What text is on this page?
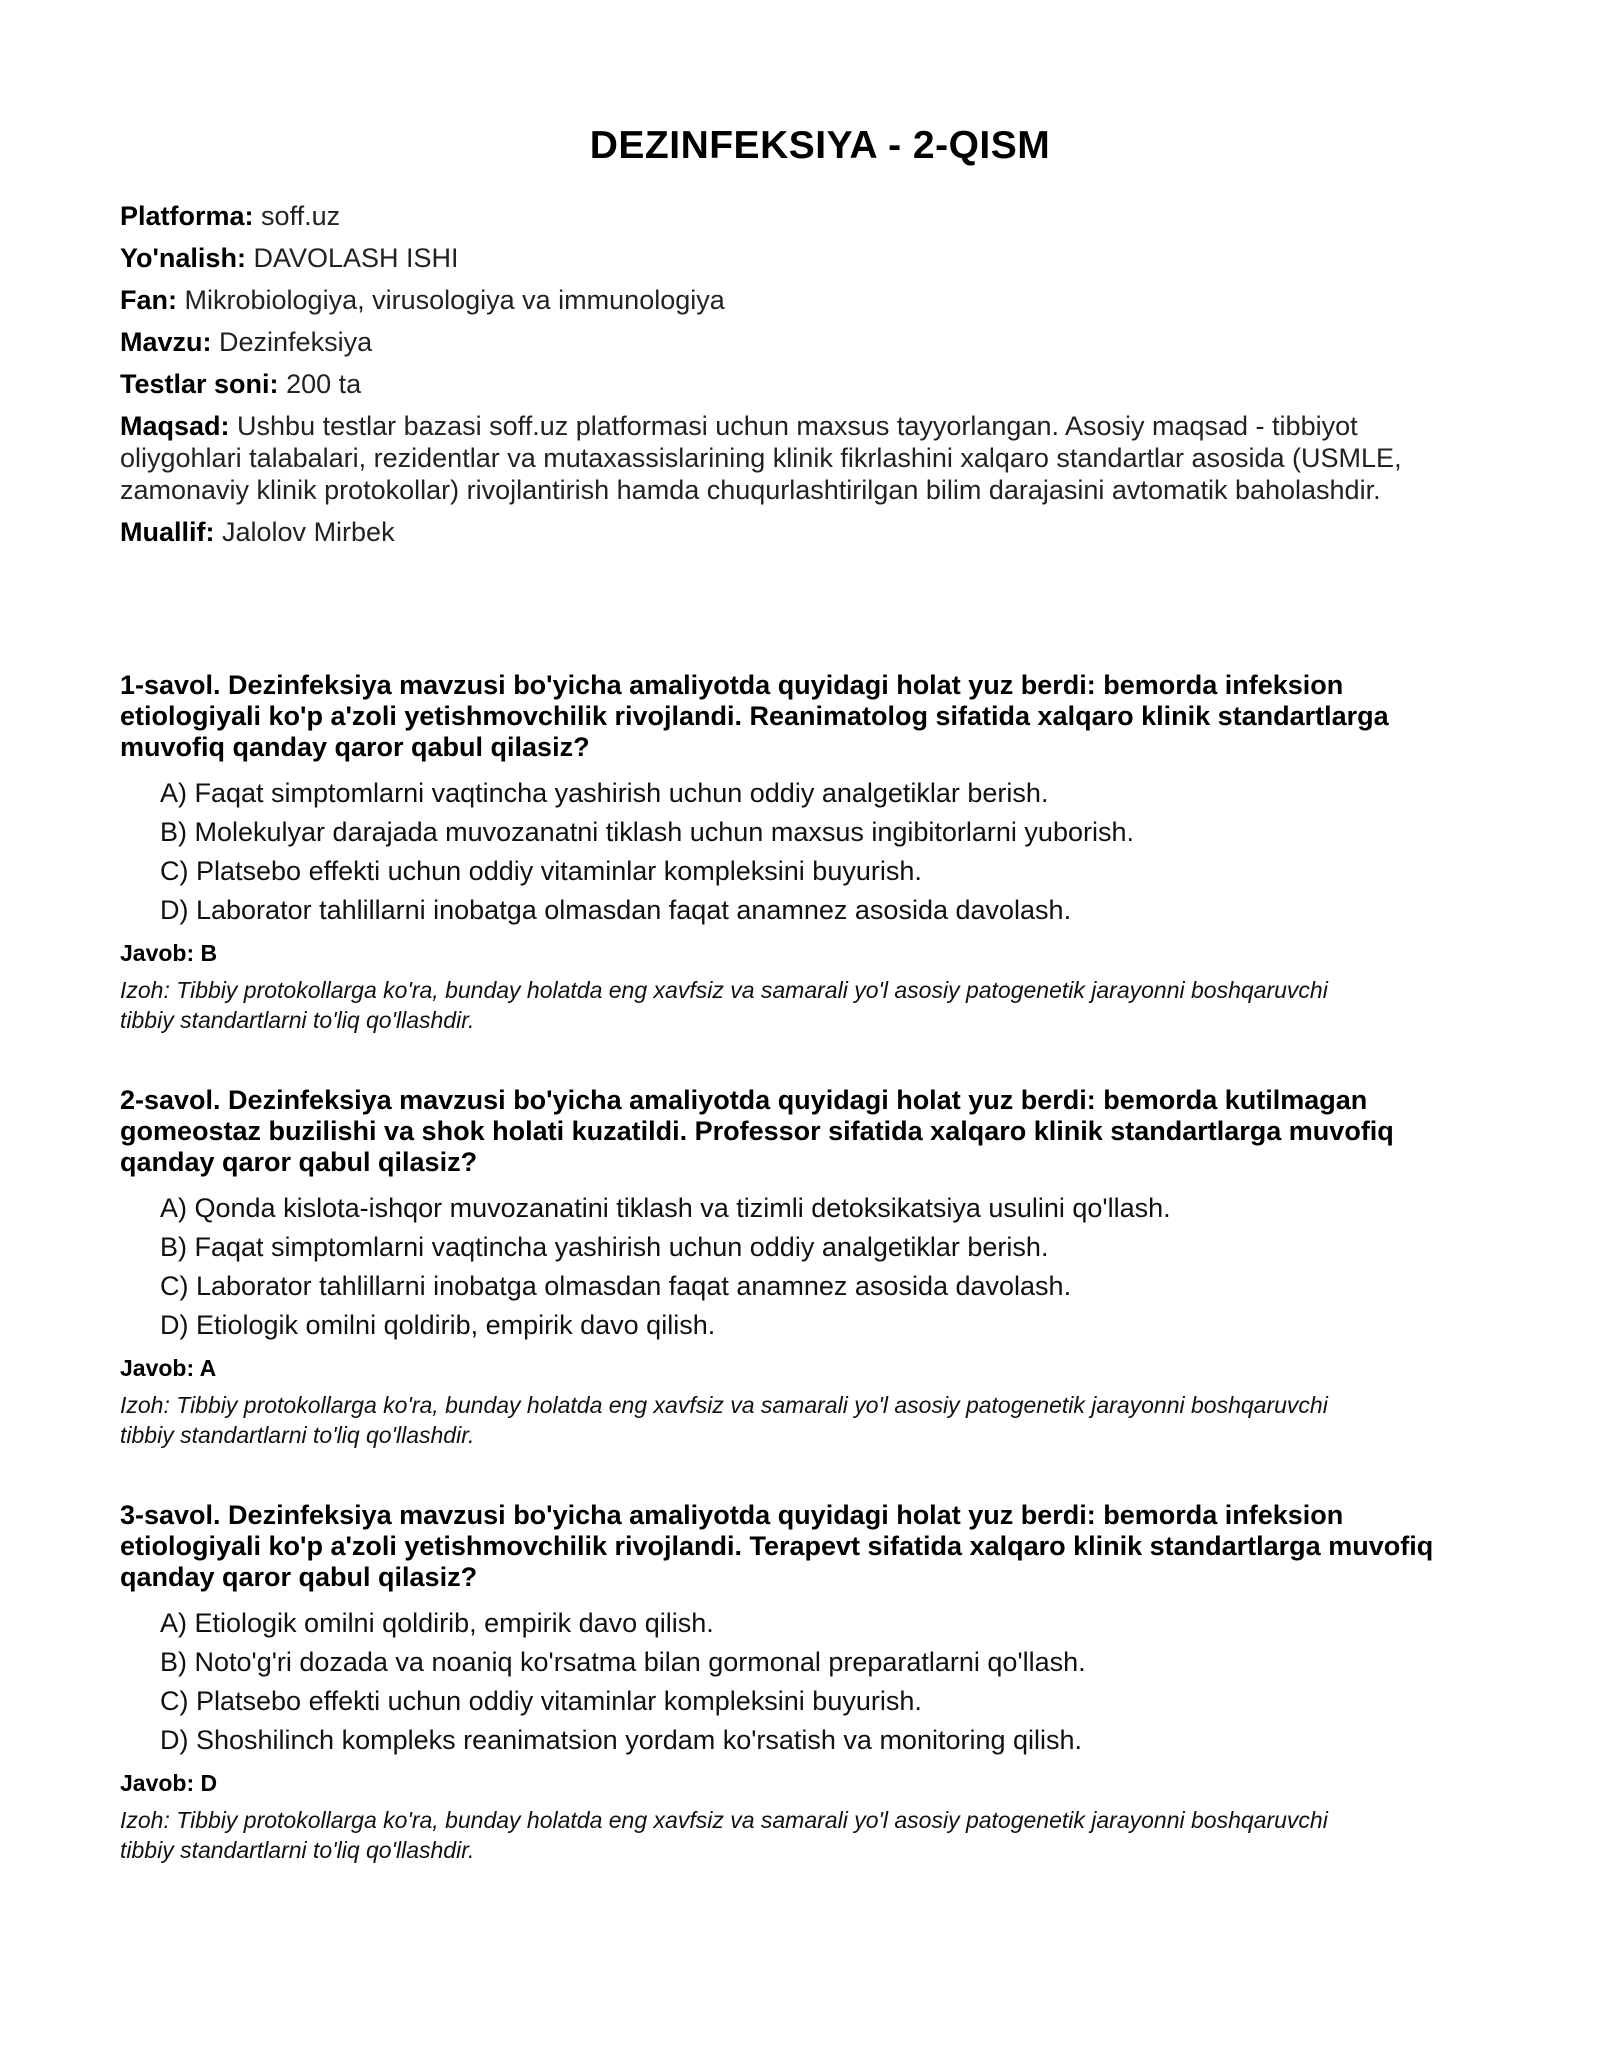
DEZINFEKSIYA - 2-QISM
Platforma: soff.uz
Yo'nalish: DAVOLASH ISHI
Fan: Mikrobiologiya, virusologiya va immunologiya
Mavzu: Dezinfeksiya
Testlar soni: 200 ta
Maqsad: Ushbu testlar bazasi soff.uz platformasi uchun maxsus tayyorlangan. Asosiy maqsad - tibbiyot oliygohlari talabalari, rezidentlar va mutaxassislarining klinik fikrlashini xalqaro standartlar asosida (USMLE, zamonaviy klinik protokollar) rivojlantirish hamda chuqurlashtirilgan bilim darajasini avtomatik baholashdir.
Muallif: Jalolov Mirbek
1-savol. Dezinfeksiya mavzusi bo'yicha amaliyotda quyidagi holat yuz berdi: bemorda infeksion etiologiyali ko'p a'zoli yetishmovchilik rivojlandi. Reanimatolog sifatida xalqaro klinik standartlarga muvofiq qanday qaror qabul qilasiz?
A) Faqat simptomlarni vaqtincha yashirish uchun oddiy analgetiklar berish.
B) Molekulyar darajada muvozanatni tiklash uchun maxsus ingibitorlarni yuborish.
C) Platsebo effekti uchun oddiy vitaminlar kompleksini buyurish.
D) Laborator tahlillarni inobatga olmasdan faqat anamnez asosida davolash.
Javob: B
Izoh: Tibbiy protokollarga ko'ra, bunday holatda eng xavfsiz va samarali yo'l asosiy patogenetik jarayonni boshqaruvchi tibbiy standartlarni to'liq qo'llashdir.
2-savol. Dezinfeksiya mavzusi bo'yicha amaliyotda quyidagi holat yuz berdi: bemorda kutilmagan gomeostaz buzilishi va shok holati kuzatildi. Professor sifatida xalqaro klinik standartlarga muvofiq qanday qaror qabul qilasiz?
A) Qonda kislota-ishqor muvozanatini tiklash va tizimli detoksikatsiya usulini qo'llash.
B) Faqat simptomlarni vaqtincha yashirish uchun oddiy analgetiklar berish.
C) Laborator tahlillarni inobatga olmasdan faqat anamnez asosida davolash.
D) Etiologik omilni qoldirib, empirik davo qilish.
Javob: A
Izoh: Tibbiy protokollarga ko'ra, bunday holatda eng xavfsiz va samarali yo'l asosiy patogenetik jarayonni boshqaruvchi tibbiy standartlarni to'liq qo'llashdir.
3-savol. Dezinfeksiya mavzusi bo'yicha amaliyotda quyidagi holat yuz berdi: bemorda infeksion etiologiyali ko'p a'zoli yetishmovchilik rivojlandi. Terapevt sifatida xalqaro klinik standartlarga muvofiq qanday qaror qabul qilasiz?
A) Etiologik omilni qoldirib, empirik davo qilish.
B) Noto'g'ri dozada va noaniq ko'rsatma bilan gormonal preparatlarni qo'llash.
C) Platsebo effekti uchun oddiy vitaminlar kompleksini buyurish.
D) Shoshilinch kompleks reanimatsion yordam ko'rsatish va monitoring qilish.
Javob: D
Izoh: Tibbiy protokollarga ko'ra, bunday holatda eng xavfsiz va samarali yo'l asosiy patogenetik jarayonni boshqaruvchi tibbiy standartlarni to'liq qo'llashdir.
